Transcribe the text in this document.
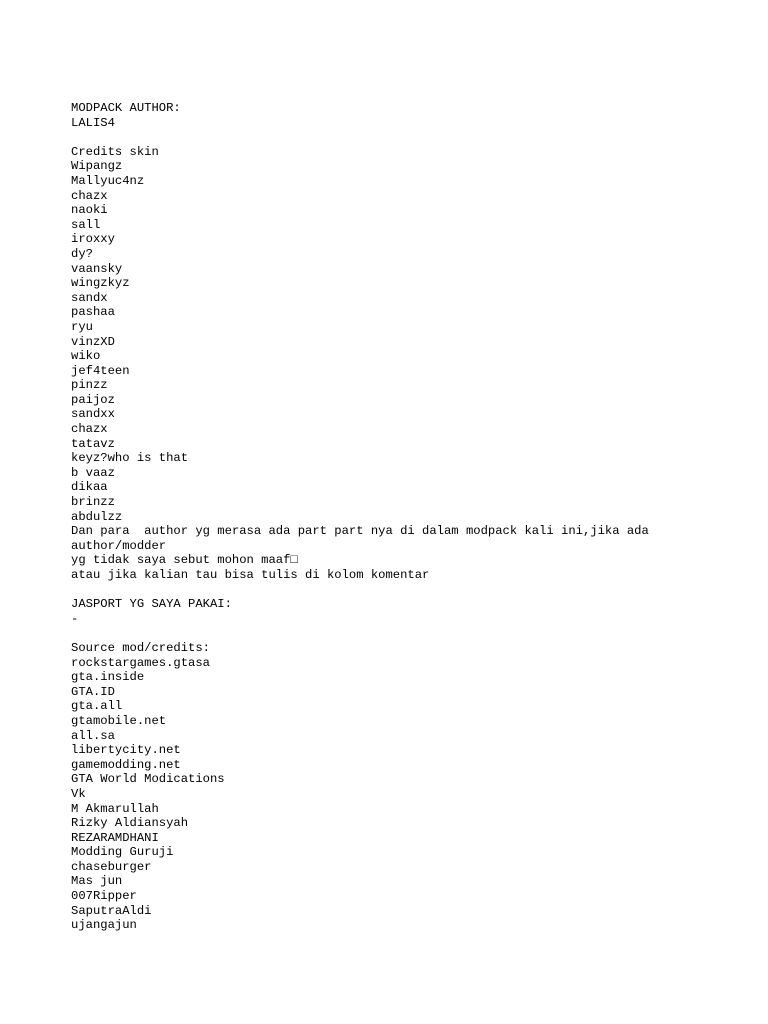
MODPACK AUTHOR:
LALIS4
Credits skin
Wipangz
Mallyuc4nz
chazx
naoki
sall
iroxxy
dy?
vaansky
wingzkyz
sandx
pashaa
ryu
vinzXD
wiko
jef4teen
pinzz
paijoz
sandxx
chazx
tatavz
keyz?who is that
b vaaz
dikaa
brinzz
abdulzz
Dan para  author yg merasa ada part part nya di dalam modpack kali ini,jika ada
author/modder
yg tidak saya sebut mohon maaf□
atau jika kalian tau bisa tulis di kolom komentar
JASPORT YG SAYA PAKAI:
-
Source mod/credits:
rockstargames.gtasa
gta.inside
GTA.ID
gta.all
gtamobile.net
all.sa
libertycity.net
gamemodding.net
GTA World Modications
Vk
M Akmarullah
Rizky Aldiansyah
REZARAMDHANI
Modding Guruji
chaseburger
Mas jun
007Ripper
SaputraAldi
ujangajun
